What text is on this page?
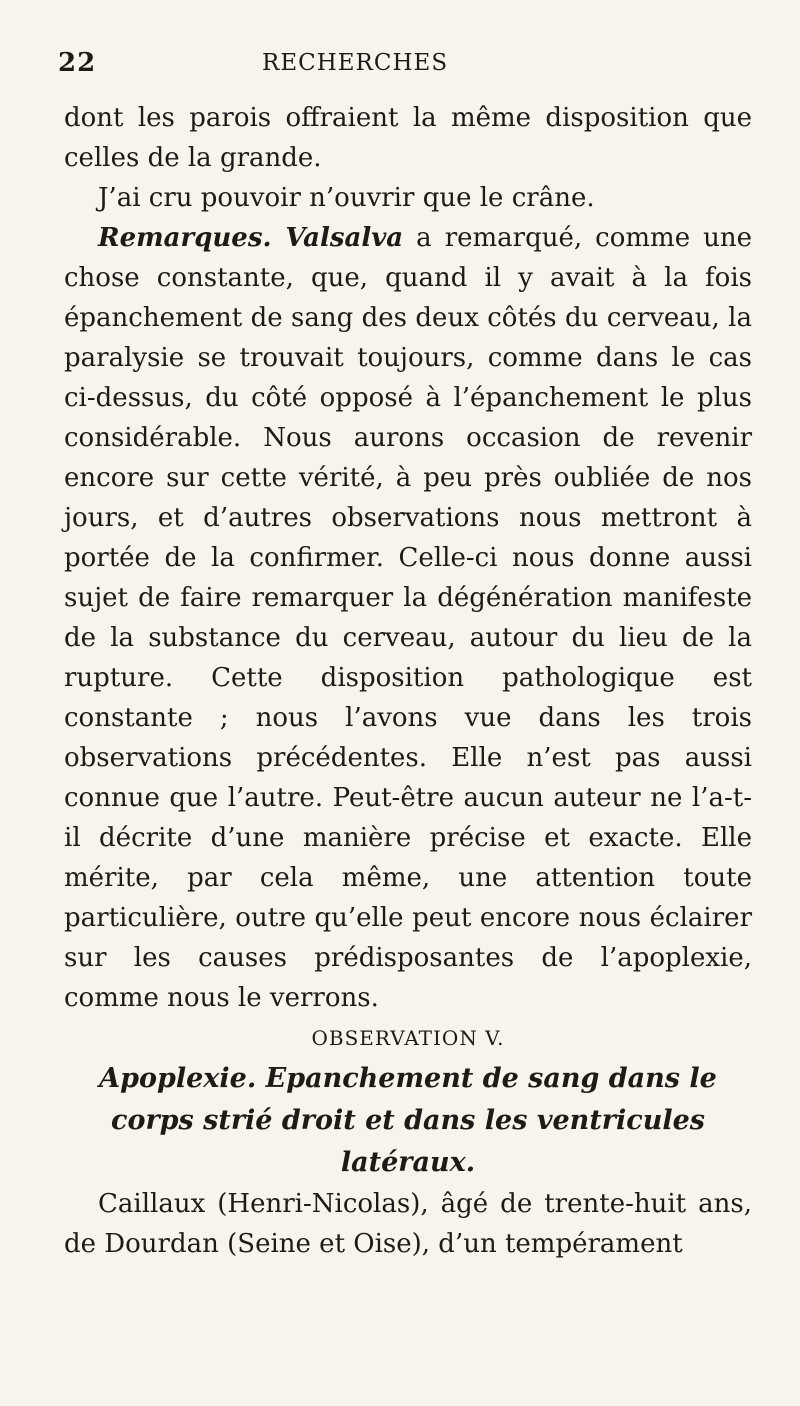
22	RECHERCHES

dont les parois offraient la même disposition que celles de la grande.

J’ai cru pouvoir n’ouvrir que le crâne.

Remarques. Valsalva a remarqué, comme une chose constante, que, quand il y avait à la fois épanchement de sang des deux côtés du cerveau, la paralysie se trouvait toujours, comme dans le cas ci-dessus, du côté opposé à l’épanchement le plus considérable. Nous aurons occasion de revenir encore sur cette vérité, à peu près oubliée de nos jours, et d’autres observations nous mettront à portée de la confirmer. Celle-ci nous donne aussi sujet de faire remarquer la dégénération manifeste de la substance du cerveau, autour du lieu de la rupture. Cette disposition pathologique est constante ; nous l’avons vue dans les trois observations précédentes. Elle n’est pas aussi connue que l’autre. Peut-être aucun auteur ne l’a-t-il décrite d’une manière précise et exacte. Elle mérite, par cela même, une attention toute particulière, outre qu’elle peut encore nous éclairer sur les causes prédisposantes de l’apoplexie, comme nous le verrons.

OBSERVATION V.

Apoplexie. Epanchement de sang dans le corps strié droit et dans les ventricules latéraux.

Caillaux (Henri-Nicolas), âgé de trente-huit ans, de Dourdan (Seine et Oise), d’un tempérament
